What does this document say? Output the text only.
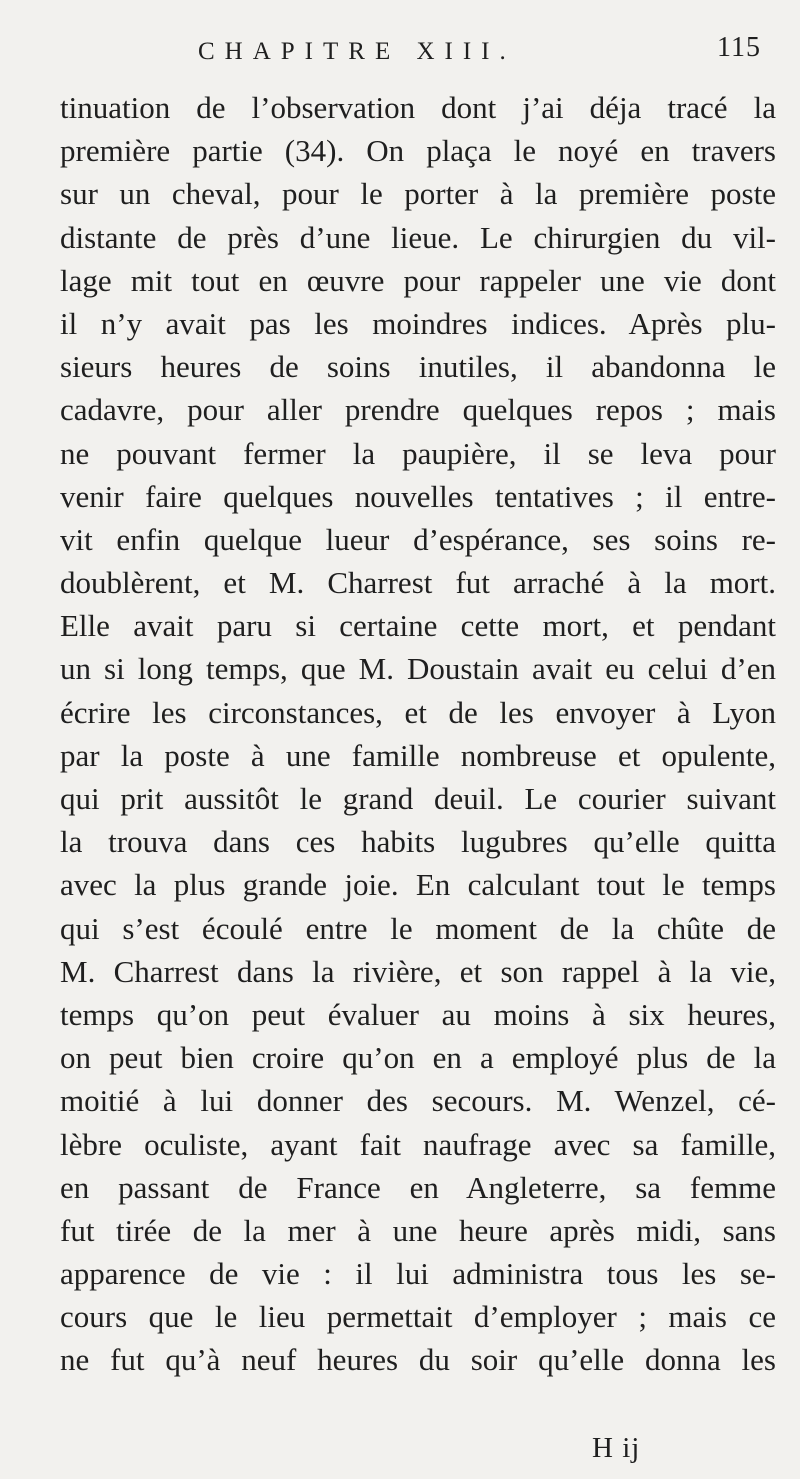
CHAPITRE XIII.	115
tinuation de l’observation dont j’ai déja tracé la
première partie (34). On plaça le noyé en travers
sur un cheval, pour le porter à la première poste
distante de près d’une lieue. Le chirurgien du vil-
lage mit tout en œuvre pour rappeler une vie dont
il n’y avait pas les moindres indices. Après plu-
sieurs heures de soins inutiles, il abandonna le
cadavre, pour aller prendre quelques repos ; mais
ne pouvant fermer la paupière, il se leva pour
venir faire quelques nouvelles tentatives ; il entre-
vit enfin quelque lueur d’espérance, ses soins re-
doublèrent, et M. Charrest fut arraché à la mort.
Elle avait paru si certaine cette mort, et pendant
un si long temps, que M. Doustain avait eu celui d’en
écrire les circonstances, et de les envoyer à Lyon
par la poste à une famille nombreuse et opulente,
qui prit aussitôt le grand deuil. Le courier suivant
la trouva dans ces habits lugubres qu’elle quitta
avec la plus grande joie. En calculant tout le temps
qui s’est écoulé entre le moment de la chûte de
M. Charrest dans la rivière, et son rappel à la vie,
temps qu’on peut évaluer au moins à six heures,
on peut bien croire qu’on en a employé plus de la
moitié à lui donner des secours. M. Wenzel, cé-
lèbre oculiste, ayant fait naufrage avec sa famille,
en passant de France en Angleterre, sa femme
fut tirée de la mer à une heure après midi, sans
apparence de vie : il lui administra tous les se-
cours que le lieu permettait d’employer ; mais ce
ne fut qu’à neuf heures du soir qu’elle donna les
H ij
